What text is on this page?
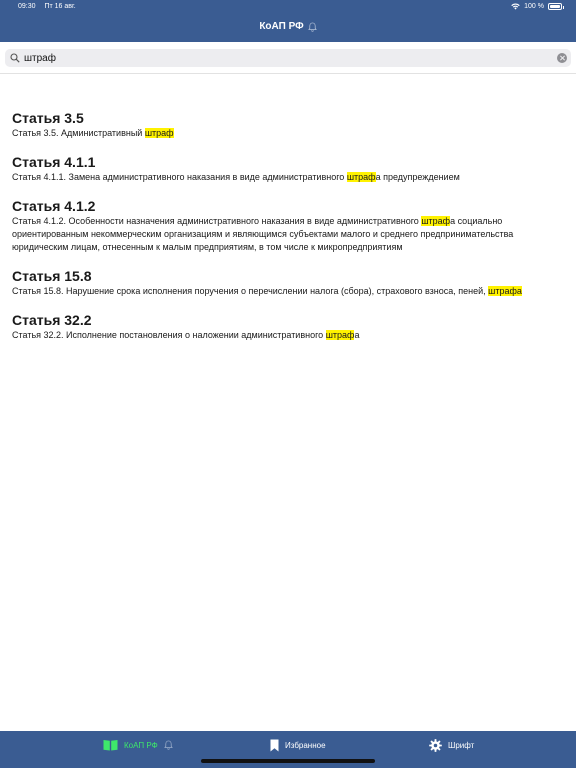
09:30 Пт 16 авг.	100 %
КоАП РФ
штраф
Статья 3.5
Статья 3.5. Административный штраф
Статья 4.1.1
Статья 4.1.1. Замена административного наказания в виде административного штрафа предупреждением
Статья 4.1.2
Статья 4.1.2. Особенности назначения административного наказания в виде административного штрафа социально ориентированным некоммерческим организациям и являющимся субъектами малого и среднего предпринимательства юридическим лицам, отнесенным к малым предприятиям, в том числе к микропредприятиям
Статья 15.8
Статья 15.8. Нарушение срока исполнения поручения о перечислении налога (сбора), страхового взноса, пеней, штрафа
Статья 32.2
Статья 32.2. Исполнение постановления о наложении административного штрафа
КоАП РФ	Избранное	Шрифт
